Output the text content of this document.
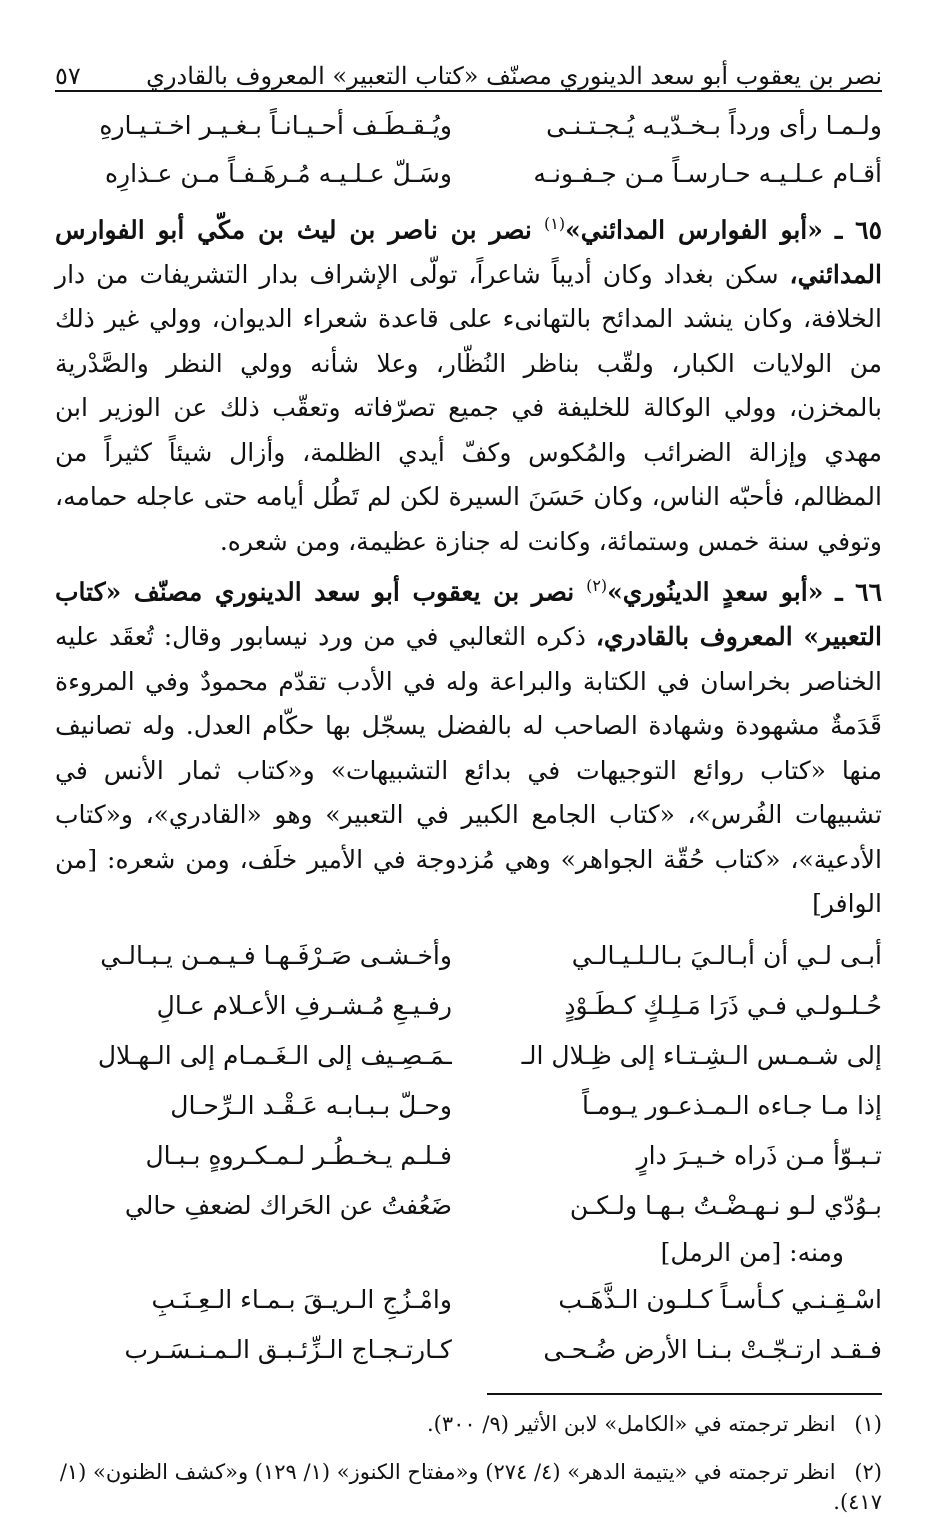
نصر بن يعقوب أبو سعد الدينوري مصنّف «كتاب التعبير» المعروف بالقادري
٥٧
ولـمـا رأى ورداً بـخـدّيـه يُـجـتـنـى
ويُـقـطَـف أحـيـانـاً بـغـيـر اخـتـيـارهِ
أقـام عـلـيـه حـارسـاً مـن جـفـونـه
وسَـلّ عـلـيـه مُـرهَـفـاً مـن عـذارِه

٦٥ ـ «أبو الفوارس المدائني»$^{(١)}$ نصر بن ناصر بن ليث بن مكّي أبو الفوارس المدائني، سكن بغداد وكان أديباً شاعراً، تولّى الإشراف بدار التشريفات من دار الخلافة، وكان ينشد المدائح بالتهانىء على قاعدة شعراء الديوان، وولي غير ذلك من الولايات الكبار، ولقّب بناظر النُظّار، وعلا شأنه وولي النظر والصَّدْرية بالمخزن، وولي الوكالة للخليفة في جميع تصرّفاته وتعقّب ذلك عن الوزير ابن مهدي وإزالة الضرائب والمُكوس وكفّ أيدي الظلمة، وأزال شيئاً كثيراً من المظالم، فأحبّه الناس، وكان حَسَنَ السيرة لكن لم تَطُل أيامه حتى عاجله حمامه، وتوفي سنة خمس وستمائة، وكانت له جنازة عظيمة، ومن شعره.

٦٦ ـ «أبو سعدٍ الدينُوري»$^{(٢)}$ نصر بن يعقوب أبو سعد الدينوري مصنّف «كتاب التعبير» المعروف بالقادري، ذكره الثعالبي في من ورد نيسابور وقال: تُعقَد عليه الخناصر بخراسان في الكتابة والبراعة وله في الأدب تقدّم محمودٌ وفي المروءة قَدَمةٌ مشهودة وشهادة الصاحب له بالفضل يسجّل بها حكّام العدل. وله تصانيف منها «كتاب روائع التوجيهات في بدائع التشبيهات» و«كتاب ثمار الأنس في تشبيهات الفُرس»، «كتاب الجامع الكبير في التعبير» وهو «القادري»، و«كتاب الأدعية»، «كتاب حُقّة الجواهر» وهي مُزدوجة في الأمير خلَف، ومن شعره: [من الوافر]

أبـى لـي أن أبـالـيَ بـالـلـيـالـي
وأخـشـى صَـرْفَـهـا فـيـمـن يـبـالـي
حُـلـولـي فـي ذَرَا مَـلِـكٍ كـطَـوْدٍ
رفـيـعِ مُـشـرفِ الأعـلام عـالِ
إلى شـمـس الـشِـتـاء إلى ظِـلال الـ
ـمَـصِـيف إلى الـغَـمـام إلى الـهـلال
إذا مـا جـاءه الـمـذعـور يـومـاً
وحـلّ بـبـابـه عَـقْـد الـرِّحـال
تـبـوّأ مـن ذَراه خـيـرَ دارٍ
فـلـم يـخـطُـر لـمـكـروهٍ بـبـال
بـوُدّي لـو نـهـضْـتُ بـهـا ولـكـن
ضَعُفتُ عن الحَراك لضعفِ حالي

ومنه: [من الرمل]

اسْـقِـنـي كـأسـاً كـلـون الـذَّهَـب
وامْـزُجِ الـريـقَ بـمـاء الـعِـنَـبِ
فـقـد ارتـجّـتْ بـنـا الأرض ضُـحـى
كـارتـجـاج الـزِّئـبـق الـمـنـسَـرب

(١) انظر ترجمته في «الكامل» لابن الأثير (٩/ ٣٠٠).

(٢) انظر ترجمته في «يتيمة الدهر» (٤/ ٢٧٤) و«مفتاح الكنوز» (١/ ١٢٩) و«كشف الظنون» (١/ ٤١٧).
